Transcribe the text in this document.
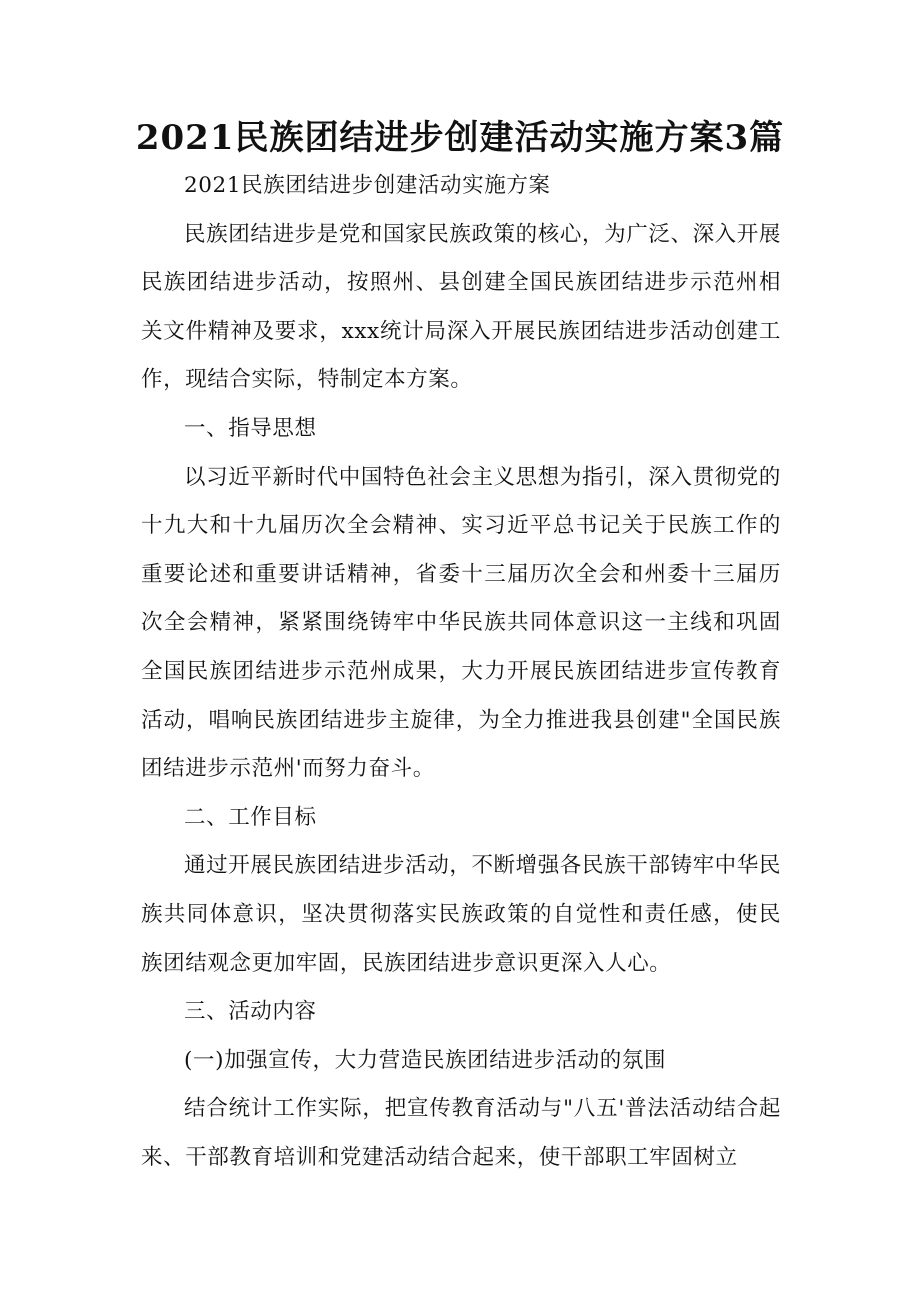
2021民族团结进步创建活动实施方案3篇

2021民族团结进步创建活动实施方案

民族团结进步是党和国家民族政策的核心，为广泛、深入开展民族团结进步活动，按照州、县创建全国民族团结进步示范州相关文件精神及要求，xxx统计局深入开展民族团结进步活动创建工作，现结合实际，特制定本方案。

一、指导思想

以习近平新时代中国特色社会主义思想为指引，深入贯彻党的十九大和十九届历次全会精神、实习近平总书记关于民族工作的重要论述和重要讲话精神，省委十三届历次全会和州委十三届历次全会精神，紧紧围绕铸牢中华民族共同体意识这一主线和巩固全国民族团结进步示范州成果，大力开展民族团结进步宣传教育活动，唱响民族团结进步主旋律，为全力推进我县创建"全国民族团结进步示范州'而努力奋斗。

二、工作目标

通过开展民族团结进步活动，不断增强各民族干部铸牢中华民族共同体意识，坚决贯彻落实民族政策的自觉性和责任感，使民族团结观念更加牢固，民族团结进步意识更深入人心。

三、活动内容

(一)加强宣传，大力营造民族团结进步活动的氛围

结合统计工作实际，把宣传教育活动与"八五'普法活动结合起来、干部教育培训和党建活动结合起来，使干部职工牢固树立
